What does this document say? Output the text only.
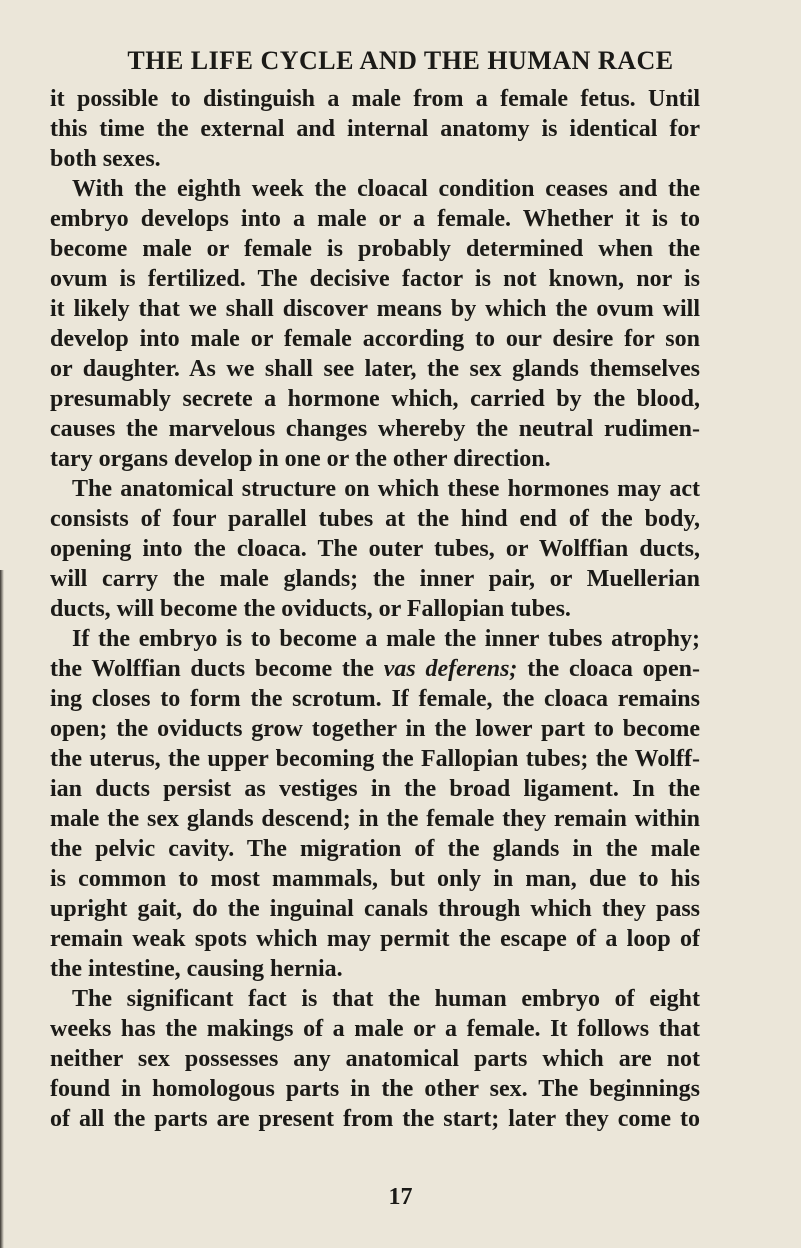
THE LIFE CYCLE AND THE HUMAN RACE
it possible to distinguish a male from a female fetus. Until
this time the external and internal anatomy is identical for
both sexes.
With the eighth week the cloacal condition ceases and the
embryo develops into a male or a female. Whether it is to
become male or female is probably determined when the
ovum is fertilized. The decisive factor is not known, nor is
it likely that we shall discover means by which the ovum will
develop into male or female according to our desire for son
or daughter. As we shall see later, the sex glands themselves
presumably secrete a hormone which, carried by the blood,
causes the marvelous changes whereby the neutral rudimen-
tary organs develop in one or the other direction.
The anatomical structure on which these hormones may act
consists of four parallel tubes at the hind end of the body,
opening into the cloaca. The outer tubes, or Wolffian ducts,
will carry the male glands; the inner pair, or Muellerian
ducts, will become the oviducts, or Fallopian tubes.
If the embryo is to become a male the inner tubes atrophy;
the Wolffian ducts become the vas deferens; the cloaca open-
ing closes to form the scrotum. If female, the cloaca remains
open; the oviducts grow together in the lower part to become
the uterus, the upper becoming the Fallopian tubes; the Wolff-
ian ducts persist as vestiges in the broad ligament. In the
male the sex glands descend; in the female they remain within
the pelvic cavity. The migration of the glands in the male
is common to most mammals, but only in man, due to his
upright gait, do the inguinal canals through which they pass
remain weak spots which may permit the escape of a loop of
the intestine, causing hernia.
The significant fact is that the human embryo of eight
weeks has the makings of a male or a female. It follows that
neither sex possesses any anatomical parts which are not
found in homologous parts in the other sex. The beginnings
of all the parts are present from the start; later they come to
17
